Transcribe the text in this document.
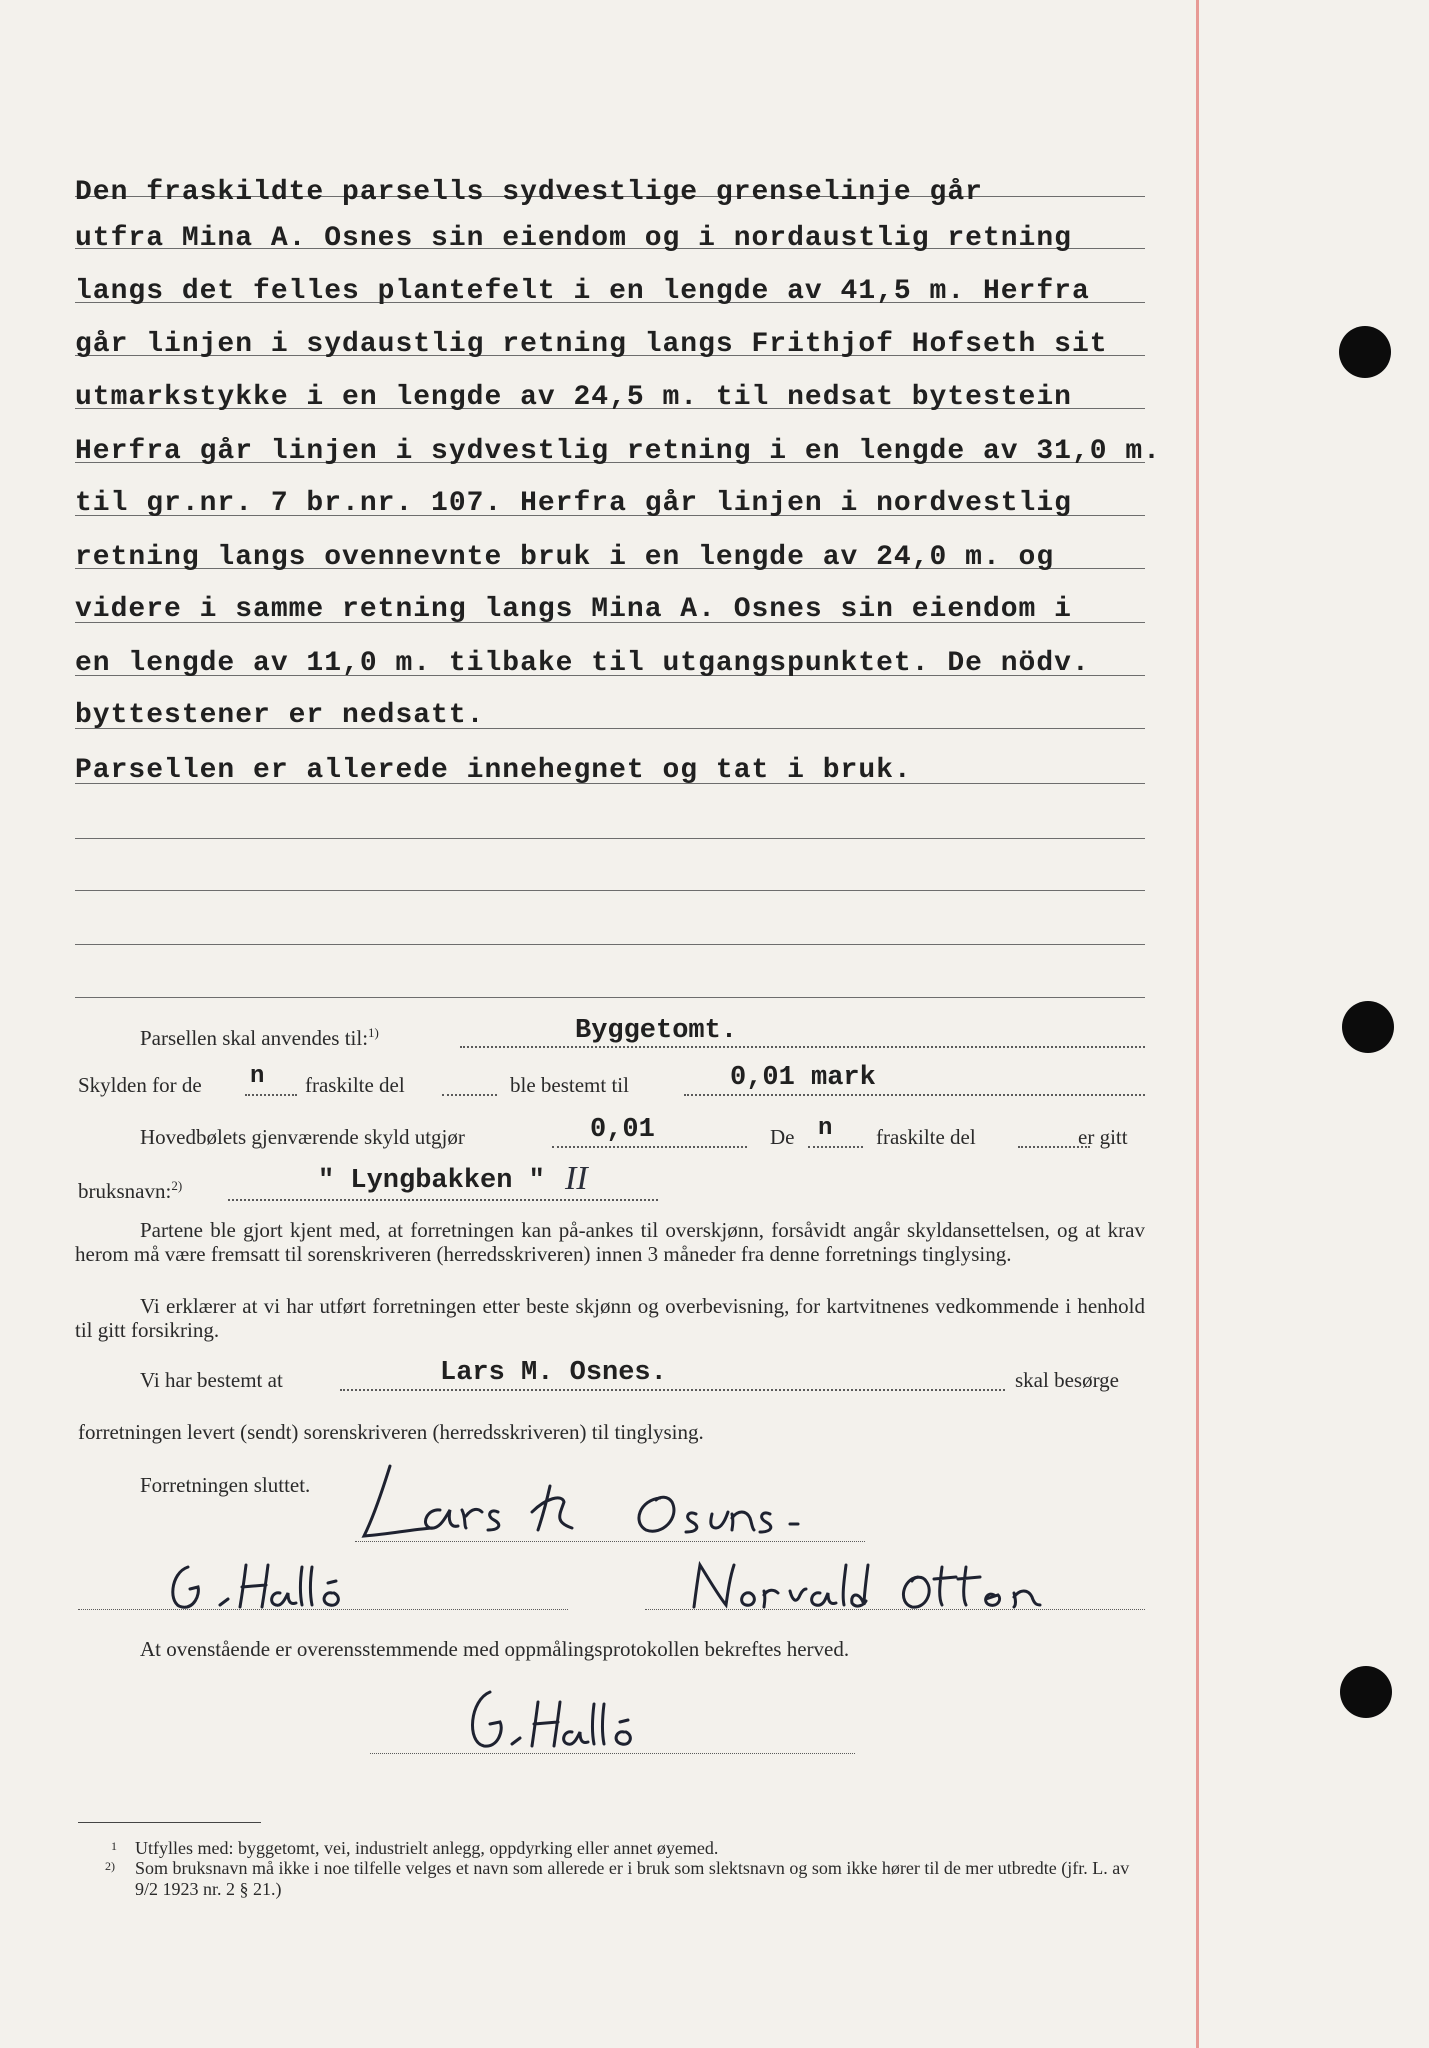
Den fraskildte parsells sydvestlige grenselinje går
utfra Mina A. Osnes sin eiendom og i nordaustlig retning
langs det felles plantefelt i en lengde av 41,5 m. Herfra
går linjen i sydaustlig retning langs Frithjof Hofseth sit
utmarkstykke i en lengde av 24,5 m. til nedsat bytestein
Herfra går linjen i sydvestlig retning i en lengde av 31,0 m.
til gr.nr. 7 br.nr. 107. Herfra går linjen i nordvestlig
retning langs ovennevnte bruk i en lengde av 24,0 m. og
videre i samme retning langs Mina A. Osnes sin eiendom i
en lengde av 11,0 m. tilbake til utgangspunktet. De nödv.
byttestener er nedsatt.
Parsellen er allerede innehegnet og tat i bruk.
Parsellen skal anvendes til:$^{1)}$	Byggetomt.
Skylden for de n fraskilte del	ble bestemt til	0,01 mark
Hovedbølets gjenværende skyld utgjør	0,01	De n fraskilte del	er gitt
bruksnavn:$^{2)}$	" Lyngbakken " II
Partene ble gjort kjent med, at forretningen kan på-ankes til overskjønn, forsåvidt angår skyldansettelsen, og at krav herom må være fremsatt til sorenskriveren (herredsskriveren) innen 3 måneder fra denne forretnings tinglysing.
Vi erklærer at vi har utført forretningen etter beste skjønn og overbevisning, for kartvitnenes vedkommende i henhold til gitt forsikring.
Vi har bestemt at	Lars M. Osnes.	skal besørge
forretningen levert (sendt) sorenskriveren (herredsskriveren) til tinglysing.
Forretningen sluttet.
At ovenstående er overensstemmende med oppmålingsprotokollen bekreftes herved.
1 Utfylles med: byggetomt, vei, industrielt anlegg, oppdyrking eller annet øyemed.
2) Som bruksnavn må ikke i noe tilfelle velges et navn som allerede er i bruk som slektsnavn og som ikke hører til de mer utbredte (jfr. L. av 9/2 1923 nr. 2 § 21.)
